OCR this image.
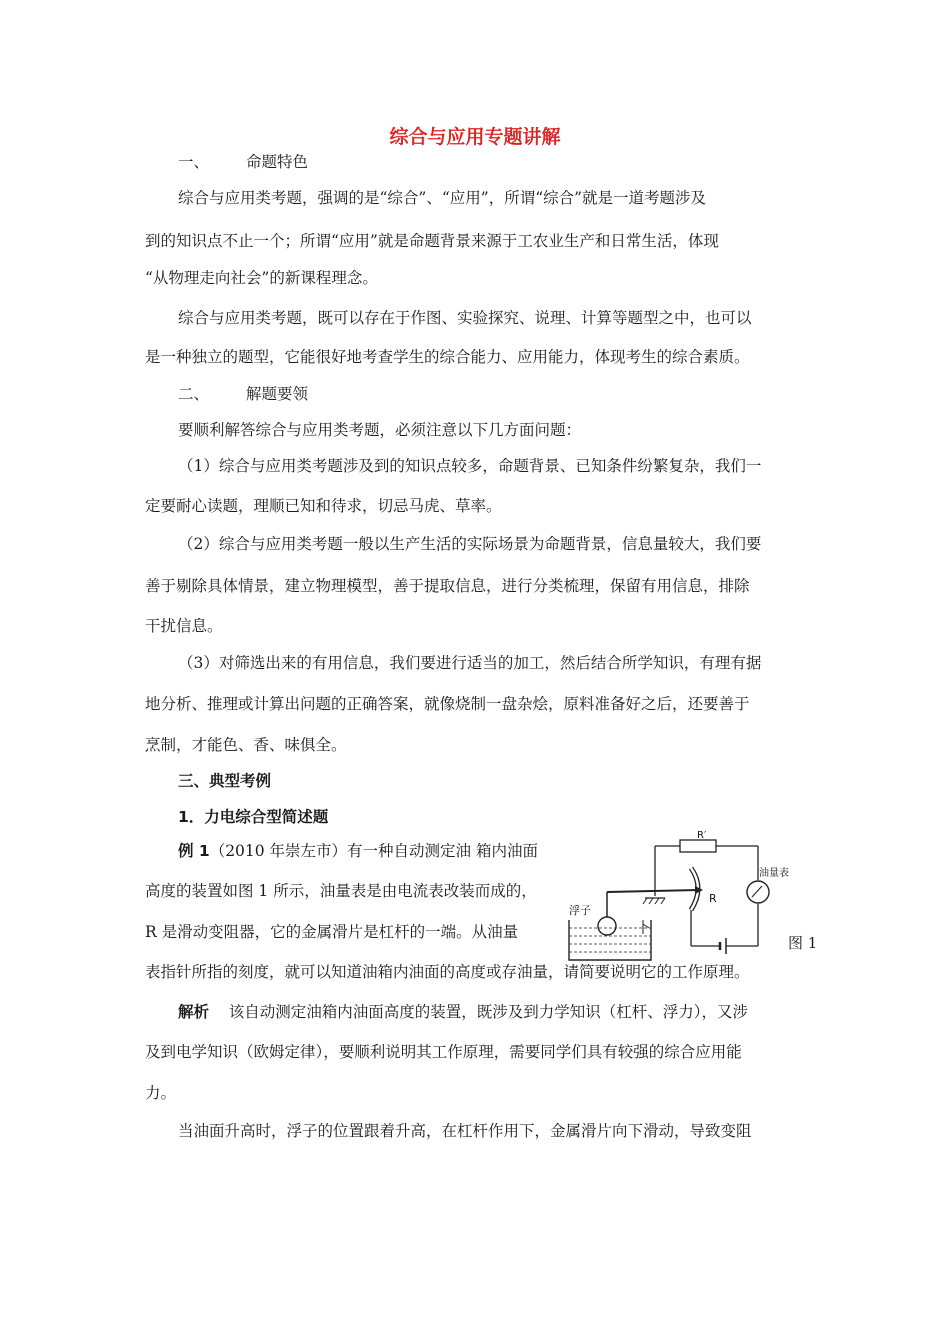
综合与应用专题讲解
一、 命题特色
综合与应用类考题，强调的是“综合”、“应用”，所谓“综合”就是一道考题涉及
到的知识点不止一个；所谓“应用”就是命题背景来源于工农业生产和日常生活，体现
“从物理走向社会”的新课程理念。
综合与应用类考题，既可以存在于作图、实验探究、说理、计算等题型之中，也可以
是一种独立的题型，它能很好地考查学生的综合能力、应用能力，体现考生的综合素质。
二、 解题要领
要顺利解答综合与应用类考题，必须注意以下几方面问题：
（1）综合与应用类考题涉及到的知识点较多，命题背景、已知条件纷繁复杂，我们一
定要耐心读题，理顺已知和待求，切忌马虎、草率。
（2）综合与应用类考题一般以生产生活的实际场景为命题背景，信息量较大，我们要
善于剔除具体情景，建立物理模型，善于提取信息，进行分类梳理，保留有用信息，排除
干扰信息。
（3）对筛选出来的有用信息，我们要进行适当的加工，然后结合所学知识，有理有据
地分析、推理或计算出问题的正确答案，就像烧制一盘杂烩，原料准备好之后，还要善于
烹制，才能色、香、味俱全。
三、典型考例
1．力电综合型简述题
例 1（2010 年崇左市）有一种自动测定油 箱内油面
高度的装置如图 1 所示，油量表是由电流表改装而成的，
R 是滑动变阻器，它的金属滑片是杠杆的一端。从油量
表指针所指的刻度，就可以知道油箱内油面的高度或存油量，请简要说明它的工作原理。
油量表
R′
R
浮子
图 1
解析 该自动测定油箱内油面高度的装置，既涉及到力学知识（杠杆、浮力），又涉
及到电学知识（欧姆定律），要顺利说明其工作原理，需要同学们具有较强的综合应用能
力。
当油面升高时，浮子的位置跟着升高，在杠杆作用下，金属滑片向下滑动，导致变阻
